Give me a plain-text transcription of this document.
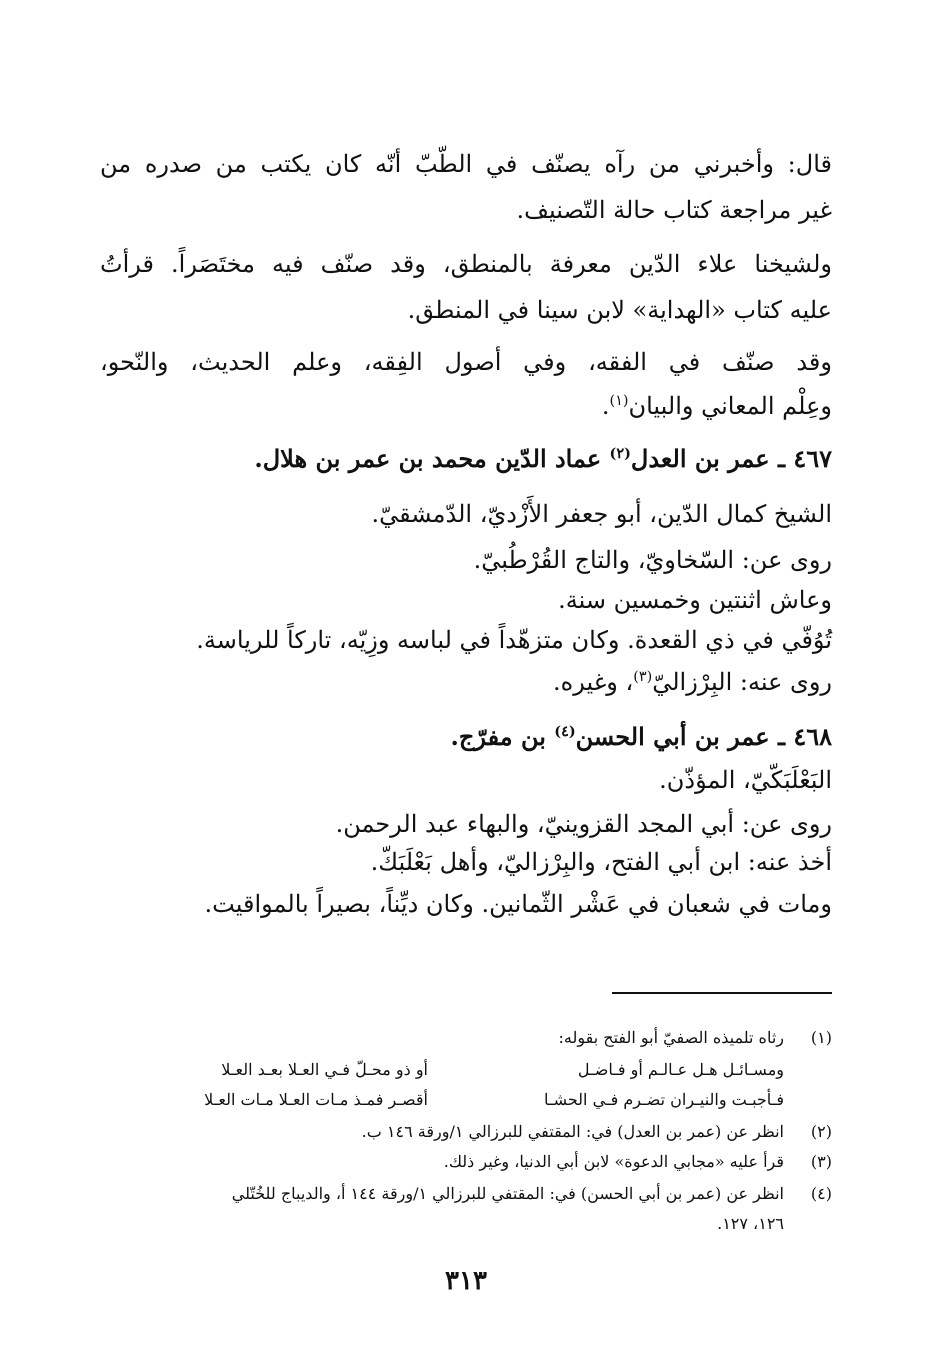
قال: وأخبرني من رآه يصنّف في الطّبّ أنّه كان يكتب من صدره من
غير مراجعة كتاب حالة التّصنيف.
ولشيخنا علاء الدّين معرفة بالمنطق، وقد صنّف فيه مختَصَراً. قرأتُ
عليه كتاب «الهداية» لابن سينا في المنطق.
وقد صنّف في الفقه، وفي أصول الفِقه، وعلم الحديث، والنّحو،
وعِلْم المعاني والبيان$^{(١)}$.
٤٦٧ ـ عمر بن العدل$^{(٢)}$ عماد الدّين محمد بن عمر بن هلال.
الشيخ كمال الدّين، أبو جعفر الأَزْديّ، الدّمشقيّ.
روى عن: السّخاويّ، والتاج القُرْطُبيّ.
وعاش اثنتين وخمسين سنة.
تُوُفّي في ذي القعدة. وكان متزهّداً في لباسه وزِيّه، تاركاً للرياسة.
روى عنه: البِرْزاليّ$^{(٣)}$، وغيره.
٤٦٨ ـ عمر بن أبي الحسن$^{(٤)}$ بن مفرّج.
البَعْلَبَكّيّ، المؤذّن.
روى عن: أبي المجد القزوينيّ، والبهاء عبد الرحمن.
أخذ عنه: ابن أبي الفتح، والبِرْزاليّ، وأهل بَعْلَبَكّ.
ومات في شعبان في عَشْر الثّمانين. وكان ديِّناً، بصيراً بالمواقيت.
(١)
رثاه تلميذه الصفيّ أبو الفتح بقوله:
ومسـائـل هـل عـالـم أو فـاضـل
أو ذو محـلّ فـي العـلا بعـد العـلا
فـأجبـت والنيـران تضـرم فـي الحشـا
أقصـر فمـذ مـات العـلا مـات العـلا
(٢)
انظر عن (عمر بن العدل) في: المقتفي للبرزالي ١/ورقة ١٤٦ ب.
(٣)
قرأ عليه «مجابي الدعوة» لابن أبي الدنيا، وغير ذلك.
(٤)
انظر عن (عمر بن أبي الحسن) في: المقتفي للبرزالي ١/ورقة ١٤٤ أ، والديباج للخُتّلي
١٢٦، ١٢٧.
٣١٣
